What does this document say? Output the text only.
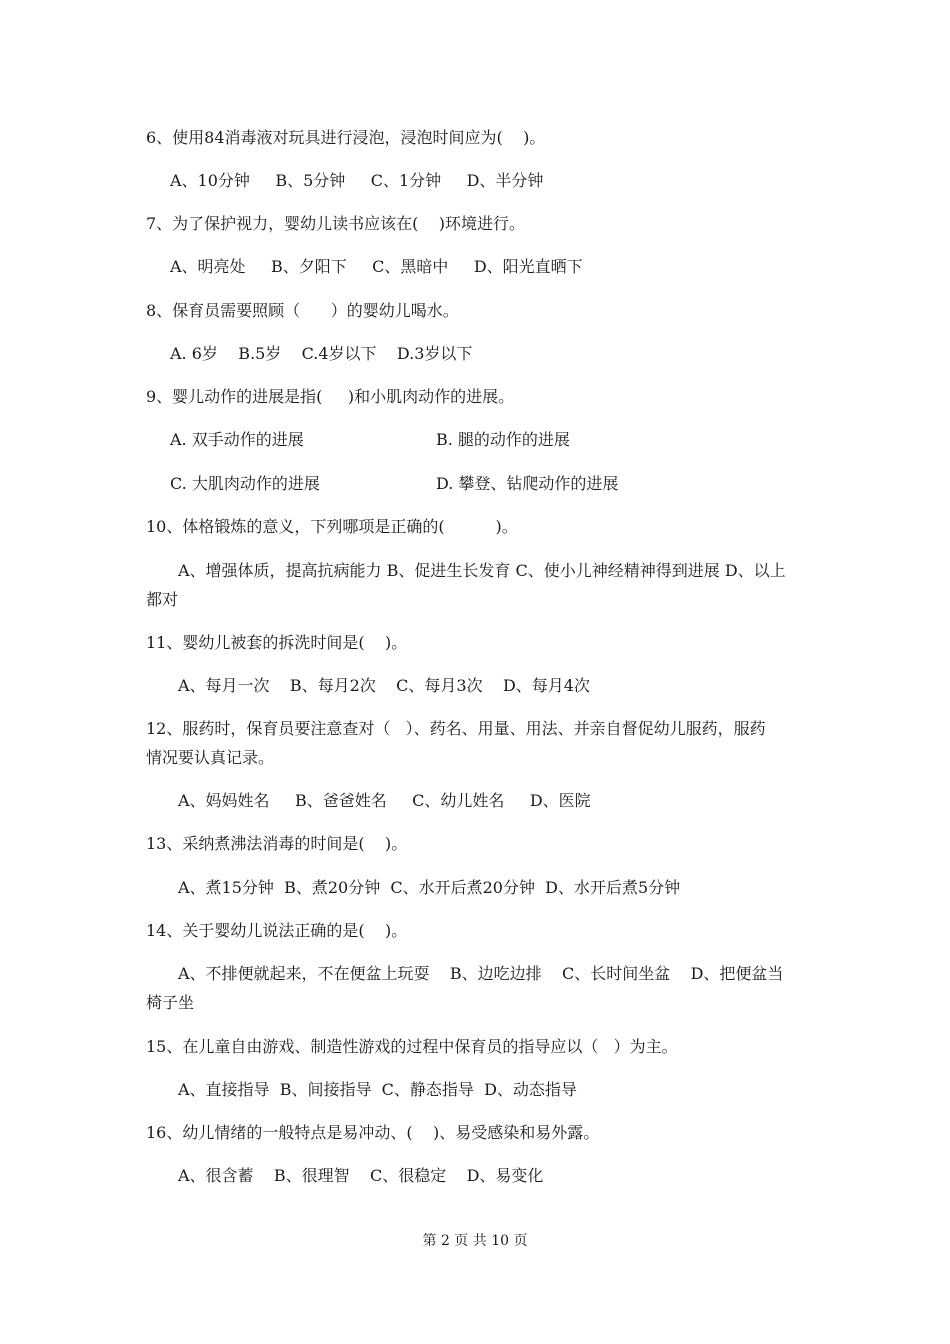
6、使用84消毒液对玩具进行浸泡，浸泡时间应为(    )。
A、10分钟     B、5分钟     C、1分钟     D、半分钟
7、为了保护视力，婴幼儿读书应该在(    )环境进行。
A、明亮处     B、夕阳下     C、黑暗中     D、阳光直晒下
8、保育员需要照顾（      ）的婴幼儿喝水。
A. 6岁    B.5岁    C.4岁以下    D.3岁以下
9、婴儿动作的进展是指(     )和小肌肉动作的进展。
A. 双手动作的进展	B. 腿的动作的进展
C. 大肌肉动作的进展	D. 攀登、钻爬动作的进展
10、体格锻炼的意义，下列哪项是正确的(          )。
A、增强体质，提高抗病能力 B、促进生长发育 C、使小儿神经精神得到进展 D、以上
都对
11、婴幼儿被套的拆洗时间是(    )。
A、每月一次    B、每月2次    C、每月3次    D、每月4次
12、服药时，保育员要注意查对（   ）、药名、用量、用法、并亲自督促幼儿服药，服药
情况要认真记录。
A、妈妈姓名     B、爸爸姓名     C、幼儿姓名     D、医院
13、采纳煮沸法消毒的时间是(    )。
A、煮15分钟  B、煮20分钟  C、水开后煮20分钟  D、水开后煮5分钟
14、关于婴幼儿说法正确的是(    )。
A、不排便就起来，不在便盆上玩耍    B、边吃边排    C、长时间坐盆    D、把便盆当
椅子坐
15、在儿童自由游戏、制造性游戏的过程中保育员的指导应以（   ）为主。
A、直接指导  B、间接指导  C、静态指导  D、动态指导
16、幼儿情绪的一般特点是易冲动、(    )、易受感染和易外露。
A、很含蓄    B、很理智    C、很稳定    D、易变化
第 2 页 共 10 页
